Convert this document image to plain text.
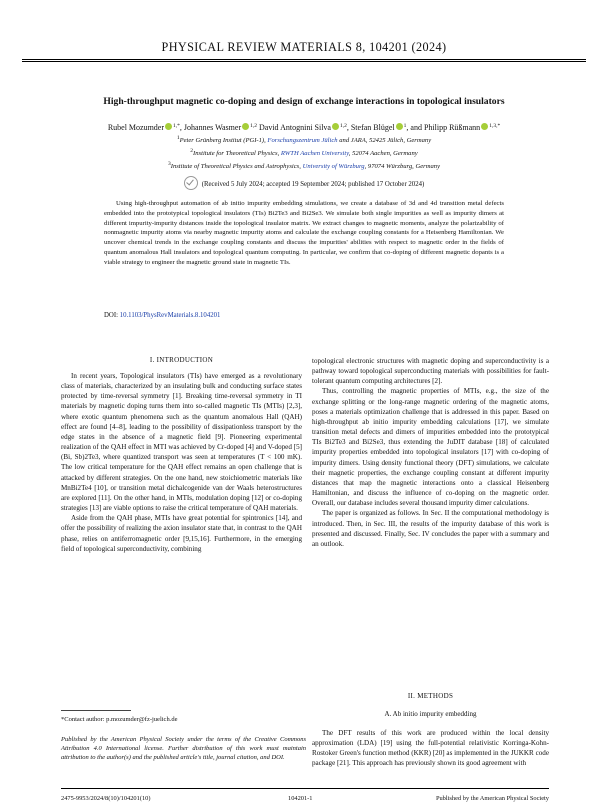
PHYSICAL REVIEW MATERIALS 8, 104201 (2024)
High-throughput magnetic co-doping and design of exchange interactions in topological insulators
Rubel Mozumder $^{1,*}$, Johannes Wasmer $^{1,2}$ David Antognini Silva $^{1,2}$, Stefan Blügel $^1$, and Philipp Rüßmann $^{1,3,*}$
$^1$Peter Grünberg Institut (PGI-1), Forschungszentrum Jülich and JARA, 52425 Jülich, Germany
$^2$Institute for Theoretical Physics, RWTH Aachen University, 52074 Aachen, Germany
$^3$Institute of Theoretical Physics and Astrophysics, University of Würzburg, 97074 Würzburg, Germany
(Received 5 July 2024; accepted 19 September 2024; published 17 October 2024)
Using high-throughput automation of ab initio impurity embedding simulations, we create a database of 3d and 4d transition metal defects embedded into the prototypical topological insulators (TIs) Bi2Te3 and Bi2Se3. We simulate both single impurities as well as impurity dimers at different impurity-impurity distances inside the topological insulator matrix. We extract changes to magnetic moments, analyze the polarizability of nonmagnetic impurity atoms via nearby magnetic impurity atoms and calculate the exchange coupling constants for a Heisenberg Hamiltonian. We uncover chemical trends in the exchange coupling constants and discuss the impurities' abilities with respect to magnetic order in the fields of quantum anomalous Hall insulators and topological quantum computing. In particular, we confirm that co-doping of different magnetic dopants is a viable strategy to engineer the magnetic ground state in magnetic TIs.
DOI: 10.1103/PhysRevMaterials.8.104201
I. INTRODUCTION

In recent years, Topological insulators (TIs) have emerged as a revolutionary class of materials, characterized by an insulating bulk and conducting surface states protected by time-reversal symmetry [1]. Breaking time-reversal symmetry in TI materials by magnetic doping turns them into so-called magnetic TIs (MTIs) [2,3], where exotic quantum phenomena such as the quantum anomalous Hall (QAH) effect are found [4–8], leading to the possibility of dissipationless transport by the edge states in the absence of a magnetic field [9]. Pioneering experimental realization of the QAH effect in MTI was achieved by Cr-doped [4] and V-doped [5] (Bi, Sb)2Te3, where quantized transport was seen at temperatures (T < 100 mK). The low critical temperature for the QAH effect remains an open challenge that is attacked by different strategies. On the one hand, new stoichiometric materials like MnBi2Te4 [10], or transition metal dichalcogenide van der Waals heterostructures are explored [11]. On the other hand, in MTIs, modulation doping [12] or co-doping strategies [13] are viable options to raise the critical temperature of QAH materials.

Aside from the QAH phase, MTIs have great potential for spintronics [14], and offer the possibility of realizing the axion insulator state that, in contrast to the QAH phase, relies on antiferromagnetic order [9,15,16]. Furthermore, in the emerging field of topological superconductivity, combining

topological electronic structures with magnetic doping and superconductivity is a pathway toward topological superconducting materials with possibilities for fault-tolerant quantum computing architectures [2].

Thus, controlling the magnetic properties of MTIs, e.g., the size of the exchange splitting or the long-range magnetic ordering of the magnetic atoms, poses a materials optimization challenge that is addressed in this paper. Based on high-throughput ab initio impurity embedding calculations [17], we simulate transition metal defects and dimers of impurities embedded into the prototypical TIs Bi2Te3 and Bi2Se3, thus extending the JuDIT database [18] of calculated impurity properties embedded into topological insulators [17] with co-doping of impurity dimers. Using density functional theory (DFT) simulations, we calculate their magnetic properties, the exchange coupling constant at different impurity distances that map the magnetic interactions onto a classical Heisenberg Hamiltonian, and discuss the influence of co-doping on the magnetic order. Overall, our database includes several thousand impurity dimer calculations.

The paper is organized as follows. In Sec. II the computational methodology is introduced. Then, in Sec. III, the results of the impurity database of this work is presented and discussed. Finally, Sec. IV concludes the paper with a summary and an outlook.

II. METHODS
A. Ab initio impurity embedding

The DFT results of this work are produced within the local density approximation (LDA) [19] using the full-potential relativistic Korringa-Kohn-Rostoker Green's function method (KKR) [20] as implemented in the JUKKR code package [21]. This approach has previously shown its good agreement with

*Contact author: p.mozumder@fz-juelich.de
Published by the American Physical Society under the terms of the Creative Commons Attribution 4.0 International license. Further distribution of this work must maintain attribution to the author(s) and the published article's title, journal citation, and DOI.
2475-9953/2024/8(10)/104201(10)	104201-1	Published by the American Physical Society
